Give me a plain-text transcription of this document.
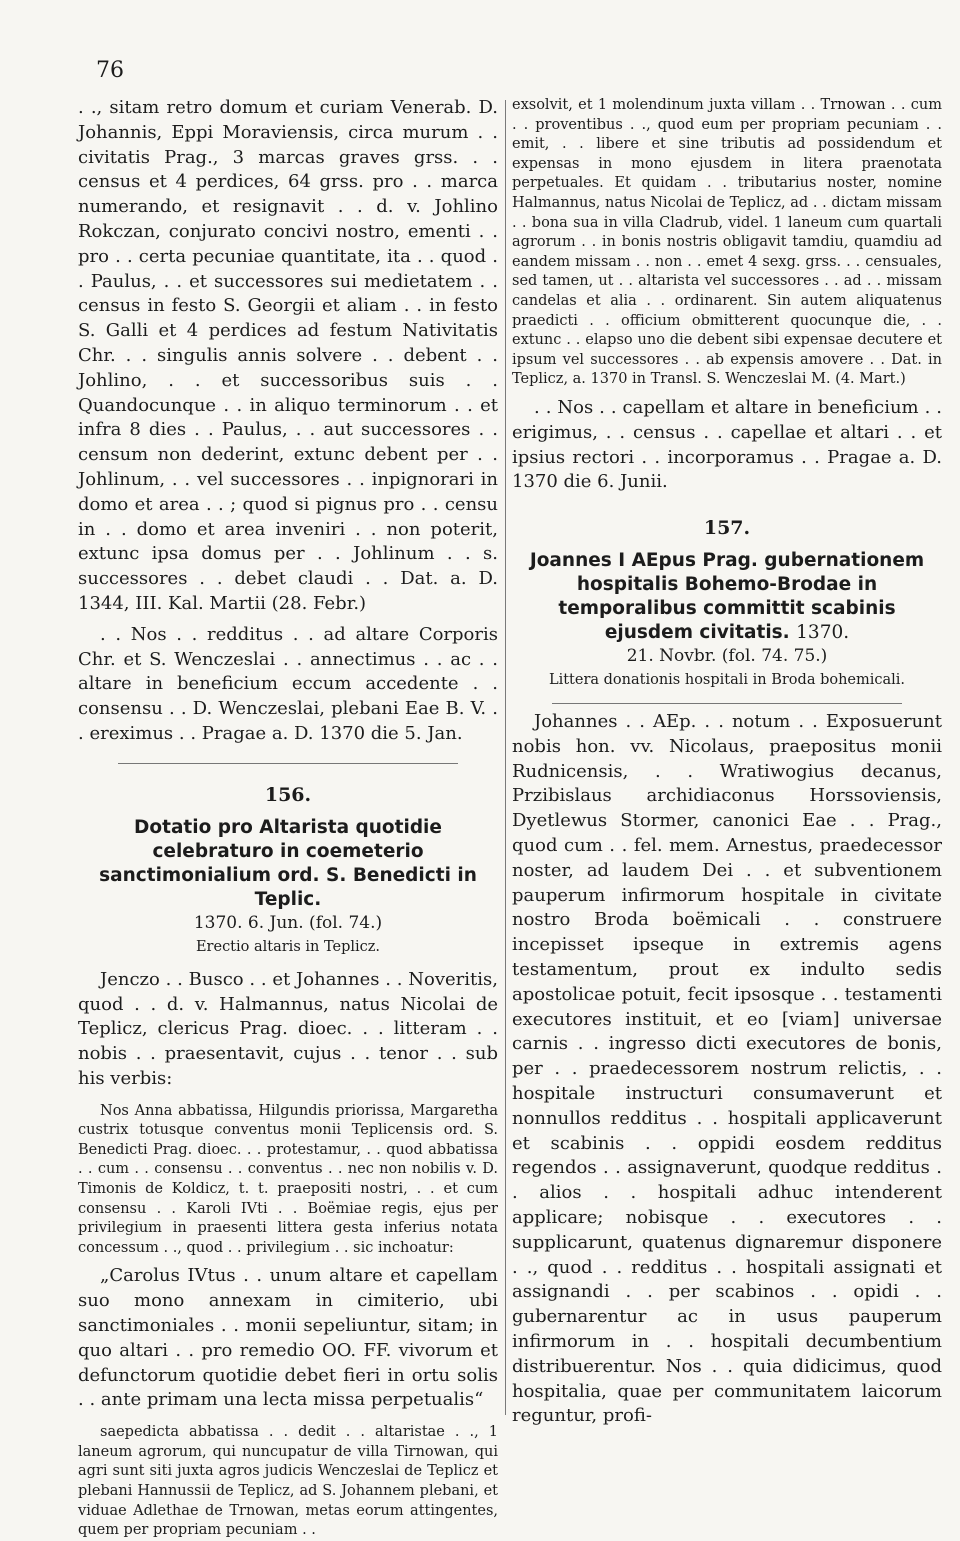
76

. ., sitam retro domum et curiam Venerab. D. Johannis, Eppi Moraviensis, circa murum . . civitatis Prag., 3 marcas graves grss. . . census et 4 perdices, 64 grss. pro . . marca numerando, et resignavit . . d. v. Johlino Rokczan, conjurato concivi nostro, ementi . . pro . . certa pecuniae quantitate, ita . . quod . . Paulus, . . et successores sui medietatem . . census in festo S. Georgii et aliam . . in festo S. Galli et 4 perdices ad festum Nativitatis Chr. . . singulis annis solvere . . debent . . Johlino, . . et successoribus suis . . Quandocunque . . in aliquo terminorum . . et infra 8 dies . . Paulus, . . aut successores . . censum non dederint, extunc debent per . . Johlinum, . . vel successores . . inpignorari in domo et area . . ; quod si pignus pro . . censu in . . domo et area inveniri . . non poterit, extunc ipsa domus per . . Johlinum . . s. successores . . debet claudi . . Dat. a. D. 1344, III. Kal. Martii (28. Febr.)

. . Nos . . redditus . . ad altare Corporis Chr. et S. Wenczeslai . . annectimus . . ac . . altare in beneficium eccum accedente . . consensu . . D. Wenczeslai, plebani Eae B. V. . . ereximus . . Pragae a. D. 1370 die 5. Jan.

156.
Dotatio pro Altarista quotidie celebraturo in coemeterio sanctimonialium ord. S. Benedicti in Teplic.
1370. 6. Jun. (fol. 74.)
Erectio altaris in Teplicz.

Jenczo . . Busco . . et Johannes . . Noveritis, quod . . d. v. Halmannus, natus Nicolai de Teplicz, clericus Prag. dioec. . . litteram . . nobis . . praesentavit, cujus . . tenor . . sub his verbis:

Nos Anna abbatissa, Hilgundis priorissa, Margaretha custrix totusque conventus monii Teplicensis ord. S. Benedicti Prag. dioec. . . protestamur, . . quod abbatissa . . cum . . consensu . . conventus . . nec non nobilis v. D. Timonis de Koldicz, t. t. praepositi nostri, . . et cum consensu . . Karoli IVti . . Boëmiae regis, ejus per privilegium in praesenti littera gesta inferius notata concessum . ., quod . . privilegium . . sic inchoatur:

„Carolus IVtus . . unum altare et capellam suo mono annexam in cimiterio, ubi sanctimoniales . . monii sepeliuntur, sitam; in quo altari . . pro remedio OO. FF. vivorum et defunctorum quotidie debet fieri in ortu solis . . ante primam una lecta missa perpetualis“

saepedicta abbatissa . . dedit . . altaristae . ., 1 laneum agrorum, qui nuncupatur de villa Tirnowan, qui agri sunt siti juxta agros judicis Wenczeslai de Teplicz et plebani Hannussii de Teplicz, ad S. Johannem plebani, et viduae Adlethae de Trnowan, metas eorum attingentes, quem per propriam pecuniam . .

exsolvit, et 1 molendinum juxta villam . . Trnowan . . cum . . proventibus . ., quod eum per propriam pecuniam . . emit, . . libere et sine tributis ad possidendum et expensas in mono ejusdem in litera praenotata perpetuales. Et quidam . . tributarius noster, nomine Halmannus, natus Nicolai de Teplicz, ad . . dictam missam . . bona sua in villa Cladrub, videl. 1 laneum cum quartali agrorum . . in bonis nostris obligavit tamdiu, quamdiu ad eandem missam . . non . . emet 4 sexg. grss. . . censuales, sed tamen, ut . . altarista vel successores . . ad . . missam candelas et alia . . ordinarent. Sin autem aliquatenus praedicti . . officium obmitterent quocunque die, . . extunc . . elapso uno die debent sibi expensae decutere et ipsum vel successores . . ab expensis amovere . . Dat. in Teplicz, a. 1370 in Transl. S. Wenczeslai M. (4. Mart.)

. . Nos . . capellam et altare in beneficium . . erigimus, . . census . . capellae et altari . . et ipsius rectori . . incorporamus . . Pragae a. D. 1370 die 6. Junii.

157.
Joannes I AEpus Prag. gubernationem hospitalis Bohemo-Brodae in temporalibus committit scabinis ejusdem civitatis. 1370.
21. Novbr. (fol. 74. 75.)
Littera donationis hospitali in Broda bohemicali.

Johannes . . AEp. . . notum . . Exposuerunt nobis hon. vv. Nicolaus, praepositus monii Rudnicensis, . . Wratiwogius decanus, Przibislaus archidiaconus Horssoviensis, Dyetlewus Stormer, canonici Eae . . Prag., quod cum . . fel. mem. Arnestus, praedecessor noster, ad laudem Dei . . et subventionem pauperum infirmorum hospitale in civitate nostro Broda boëmicali . . construere incepisset ipseque in extremis agens testamentum, prout ex indulto sedis apostolicae potuit, fecit ipsosque . . testamenti executores instituit, et eo [viam] universae carnis . . ingresso dicti executores de bonis, per . . praedecessorem nostrum relictis, . . hospitale instructuri consumaverunt et nonnullos redditus . . hospitali applicaverunt et scabinis . . oppidi eosdem redditus regendos . . assignaverunt, quodque redditus . . alios . . hospitali adhuc intenderent applicare; nobisque . . executores . . supplicarunt, quatenus dignaremur disponere . ., quod . . redditus . . hospitali assignati et assignandi . . per scabinos . . opidi . . gubernarentur ac in usus pauperum infirmorum in . . hospitali decumbentium distribuerentur. Nos . . quia didicimus, quod hospitalia, quae per communitatem laicorum reguntur, profi-
